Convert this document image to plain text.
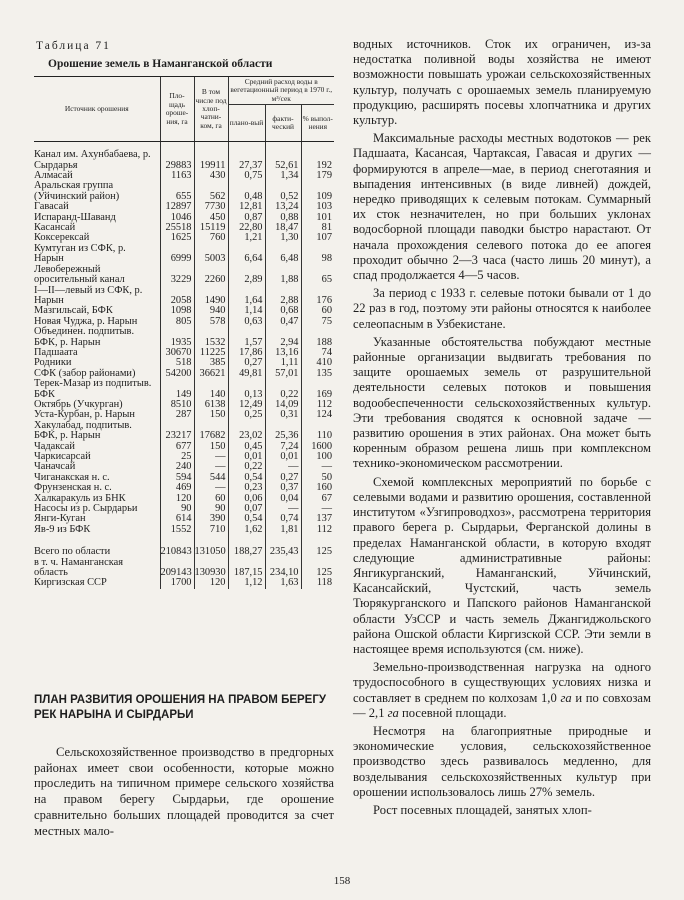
Таблица 71
Орошение земель в Наманганской области
Источник орошения	Пло-щадь ороше-ния, га	В том числе под хлоп-чатни-ком, га	Средний расход воды в вегетационный период в 1970 г., м³/сек		
			плано-вый	факти-ческий	% выпол-нения

Канал им. Ахунбабаева, р. Сырдарья	29883	19911	27,37	52,61	192
Алмасай	1163	430	0,75	1,34	179
Аральская группа (Уйчинский район)	655	562	0,48	0,52	109
Гавасай	12897	7730	12,81	13,24	103
Испаранд-Шаванд	1046	450	0,87	0,88	101
Касансай	25518	15119	22,80	18,47	81
Коксерексай	1625	760	1,21	1,30	107
Кумтуган из СФК, р. Нарын	6999	5003	6,64	6,48	98
Левобережный оросительный канал	3229	2260	2,89	1,88	65
I—II—левый из СФК, р. Нарын	2058	1490	1,64	2,88	176
Мазгильсай, БФК	1098	940	1,14	0,68	60
Новая Чуджа, р. Нарын	805	578	0,63	0,47	75
Объединен. подпитыв. БФК, р. Нарын	1935	1532	1,57	2,94	188
Падшаата	30670	11225	17,86	13,16	74
Родники	518	385	0,27	1,11	410
СФК (забор районами)	54200	36621	49,81	57,01	135
Терек-Мазар из подпитыв. БФК	149	140	0,13	0,22	169
Октябрь (Учкурган)	8510	6138	12,49	14,09	112
Уста-Курбан, р. Нарын	287	150	0,25	0,31	124
Хакулабад, подпитыв. БФК, р. Нарын	23217	17682	23,02	25,36	110
Чадаксай	677	150	0,45	7,24	1600
Чаркисарсай	25	—	0,01	0,01	100
Чаначсай	240	—	0,22	—	—
Чиганакская н. с.	594	544	0,54	0,27	50
Фрунзенская н. с.	469	—	0,23	0,37	160
Халкаракуль из БНК	120	60	0,06	0,04	67
Насосы из р. Сырдарьи	90	90	0,07	—	—
Янги-Куган	614	390	0,54	0,74	137
Яв-9 из БФК	1552	710	1,62	1,81	112

Всего по области	210843	131050	188,27	235,43	125
в т. ч. Наманганская область	209143	130930	187,15	234,10	125
Киргизская ССР	1700	120	1,12	1,63	118
ПЛАН РАЗВИТИЯ ОРОШЕНИЯ НА ПРАВОМ БЕРЕГУ РЕК НАРЫНА И СЫРДАРЬИ

Сельскохозяйственное производство в предгорных районах имеет свои особенности, которые можно проследить на типичном примере сельского хозяйства на правом берегу Сырдарьи, где орошение сравнительно больших площадей проводится за счет местных мало-

водных источников. Сток их ограничен, из-за недостатка поливной воды хозяйства не имеют возможности повышать урожаи сельскохозяйственных культур, получать с орошаемых земель планируемую продукцию, расширять посевы хлопчатника и других культур.

Максимальные расходы местных водотоков — рек Падшаата, Касансая, Чартаксая, Гавасая и других — формируются в апреле—мае, в период снеготаяния и выпадения интенсивных (в виде ливней) дождей, нередко приводящих к селевым потокам. Суммарный их сток незначителен, но при больших уклонах водосборной площади паводки быстро нарастают. От начала прохождения селевого потока до ее апогея проходит обычно 2—3 часа (часто лишь 20 минут), а спад продолжается 4—5 часов.

За период с 1933 г. селевые потоки бывали от 1 до 22 раз в год, поэтому эти районы относятся к наиболее селеопасным в Узбекистане.

Указанные обстоятельства побуждают местные районные организации выдвигать требования по защите орошаемых земель от разрушительной деятельности селевых потоков и повышения водообеспеченности сельскохозяйственных культур. Эти требования сводятся к основной задаче — развитию орошения в этих районах. Она может быть коренным образом решена лишь при комплексном технико-экономическом рассмотрении.

Схемой комплексных мероприятий по борьбе с селевыми водами и развитию орошения, составленной институтом «Узгипроводхоз», рассмотрена территория правого берега р. Сырдарьи, Ферганской долины в пределах Наманганской области, в которую входят следующие административные районы: Янгикурганский, Наманганский, Уйчинский, Касансайский, Чустский, часть земель Тюрякурганского и Папского районов Наманганской области УзССР и часть земель Джангиджольского района Ошской области Киргизской ССР. Эти земли в настоящее время используются (см. ниже).

Земельно-производственная нагрузка на одного трудоспособного в существующих условиях низка и составляет в среднем по колхозам 1,0 га и по совхозам — 2,1 га посевной площади.

Несмотря на благоприятные природные и экономические условия, сельскохозяйственное производство здесь развивалось медленно, для возделывания сельскохозяйственных культур при орошении использовалось лишь 27% земель.

Рост посевных площадей, занятых хлоп-

158
